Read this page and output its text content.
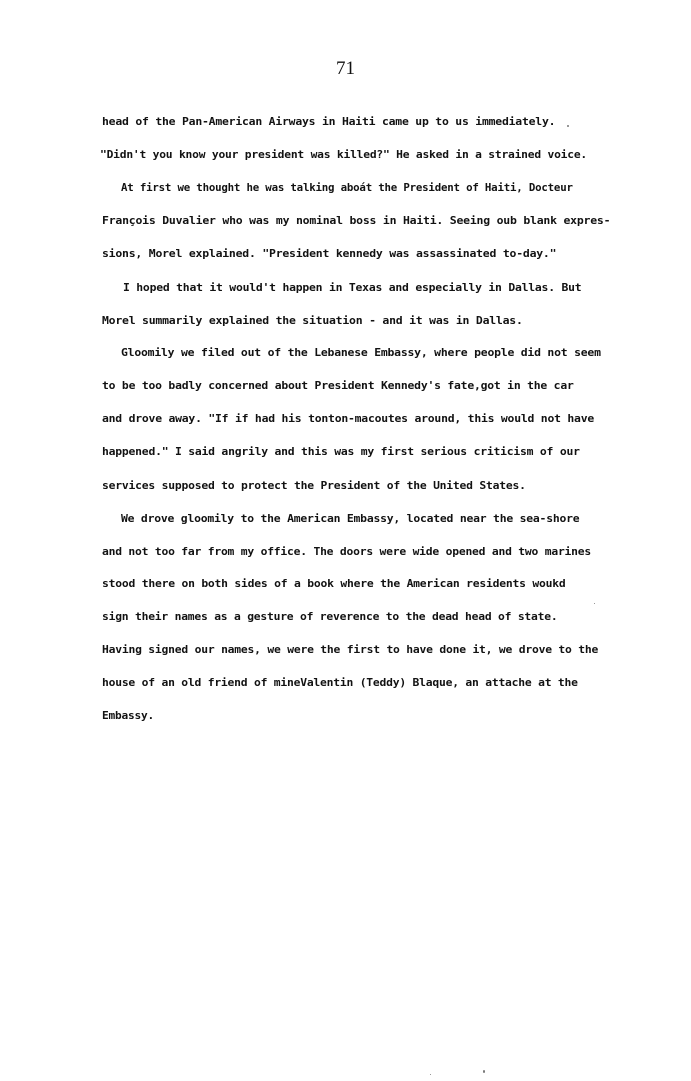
71
head of the Pan-American Airways in Haiti came up to us immediately.
"Didn't you know your president was killed?" He asked in a strained voice.
At first we thought he was talking aboát the President of Haiti, Docteur
François Duvalier who was my nominal boss in Haiti. Seeing oub blank expres-
sions, Morel explained. "President kennedy was assassinated to-day."
I hoped that it would't happen in Texas and especially in Dallas. But
Morel summarily explained the situation - and it was in Dallas.
Gloomily we filed out of the Lebanese Embassy, where people did not seem
to be too badly concerned about President Kennedy's fate,got in the car
and drove away. "If if had his tonton-macoutes around, this would not have
happened." I said angrily and this was my first serious criticism of our
services supposed to protect the President of the United States.
We drove gloomily to the American Embassy, located near the sea-shore
and not too far from my office. The doors were wide opened and two marines
stood there on both sides of a book where the American residents woukd
sign their names as a gesture of reverence to the dead head of state.
Having signed our names, we were the first to have done it, we drove to the
house of an old friend of mineValentin (Teddy) Blaque, an attache at the
Embassy.
